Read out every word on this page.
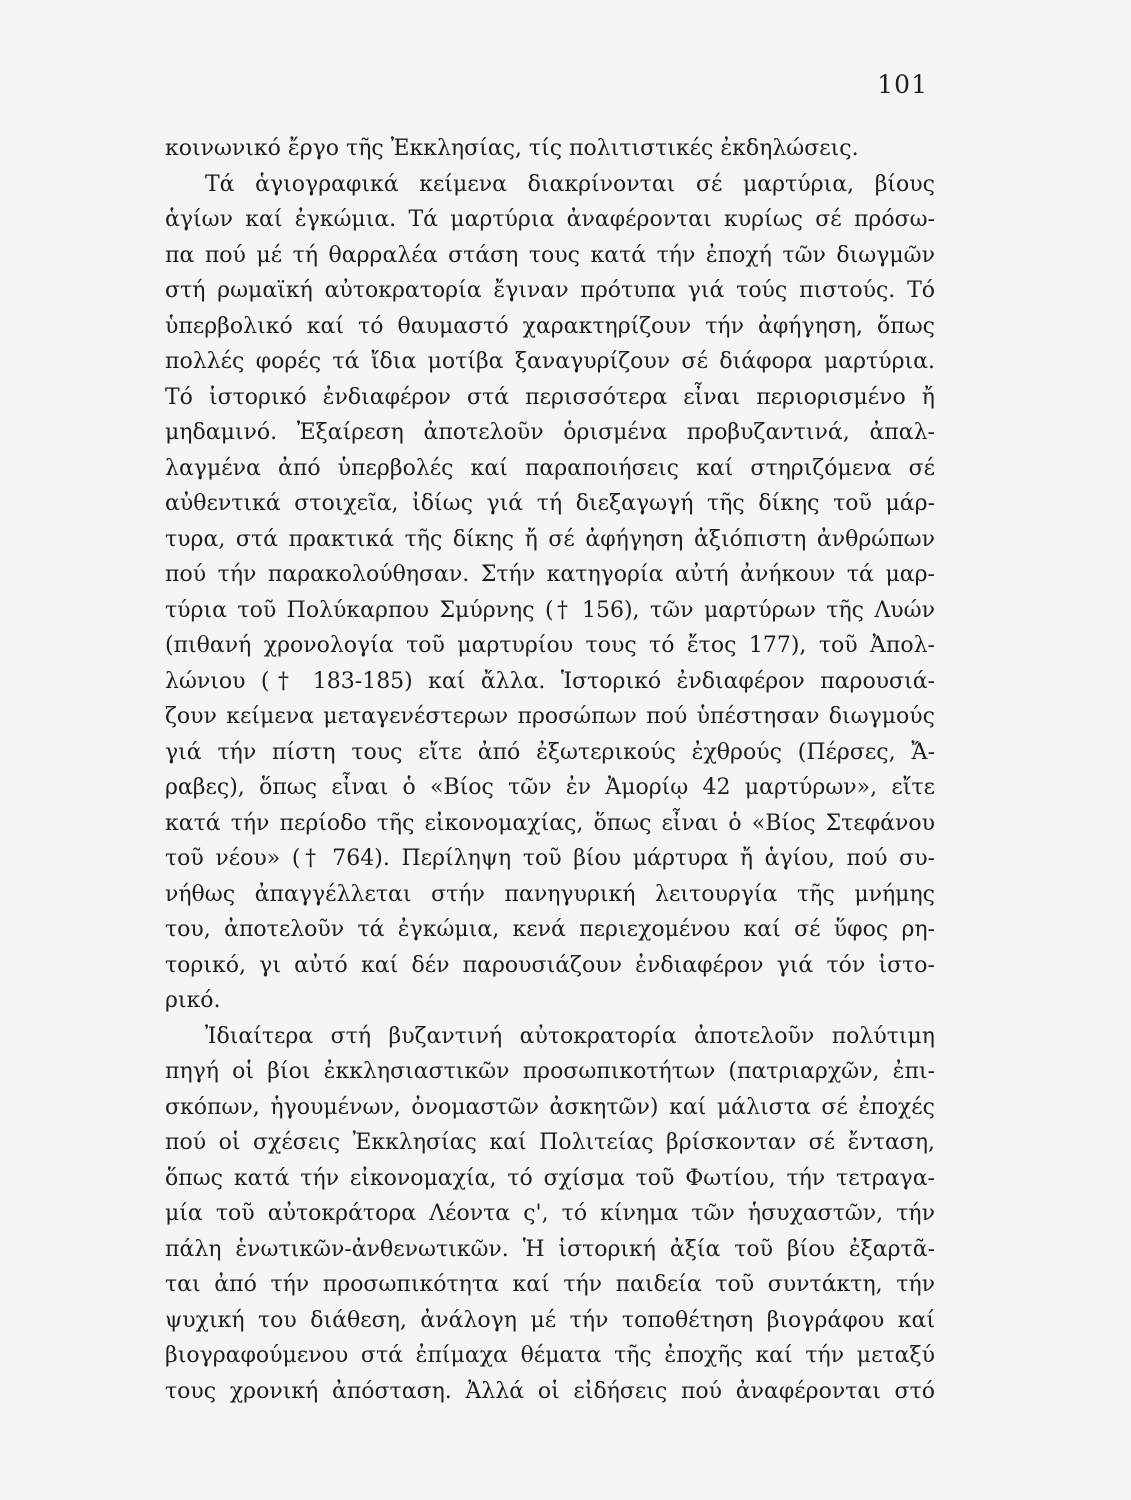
101
κοινωνικό ἔργο τῆς Ἐκκλησίας, τίς πολιτιστικές ἐκδηλώσεις.
Τά ἁγιογραφικά κείμενα διακρίνονται σέ μαρτύρια, βίους
ἁγίων καί ἐγκώμια. Τά μαρτύρια ἀναφέρονται κυρίως σέ πρόσω-
πα πού μέ τή θαρραλέα στάση τους κατά τήν ἐποχή τῶν διωγμῶν
στή ρωμαϊκή αὐτοκρατορία ἔγιναν πρότυπα γιά τούς πιστούς. Τό
ὑπερβολικό καί τό θαυμαστό χαρακτηρίζουν τήν ἀφήγηση, ὅπως
πολλές φορές τά ἴδια μοτίβα ξαναγυρίζουν σέ διάφορα μαρτύρια.
Τό ἱστορικό ἐνδιαφέρον στά περισσότερα εἶναι περιορισμένο ἤ
μηδαμινό. Ἐξαίρεση ἀποτελοῦν ὁρισμένα προβυζαντινά, ἀπαλ-
λαγμένα ἀπό ὑπερβολές καί παραποιήσεις καί στηριζόμενα σέ
αὐθεντικά στοιχεῖα, ἰδίως γιά τή διεξαγωγή τῆς δίκης τοῦ μάρ-
τυρα, στά πρακτικά τῆς δίκης ἤ σέ ἀφήγηση ἀξιόπιστη ἀνθρώπων
πού τήν παρακολούθησαν. Στήν κατηγορία αὐτή ἀνήκουν τά μαρ-
τύρια τοῦ Πολύκαρπου Σμύρνης († 156), τῶν μαρτύρων τῆς Λυών
(πιθανή χρονολογία τοῦ μαρτυρίου τους τό ἔτος 177), τοῦ Ἀπολ-
λώνιου († 183-185) καί ἄλλα. Ἱστορικό ἐνδιαφέρον παρουσιά-
ζουν κείμενα μεταγενέστερων προσώπων πού ὑπέστησαν διωγμούς
γιά τήν πίστη τους εἴτε ἀπό ἐξωτερικούς ἐχθρούς (Πέρσες, Ἄ-
ραβες), ὅπως εἶναι ὁ «Βίος τῶν ἐν Ἀμορίῳ 42 μαρτύρων», εἴτε
κατά τήν περίοδο τῆς εἰκονομαχίας, ὅπως εἶναι ὁ «Βίος Στεφάνου
τοῦ νέου» († 764). Περίληψη τοῦ βίου μάρτυρα ἤ ἁγίου, πού συ-
νήθως ἀπαγγέλλεται στήν πανηγυρική λειτουργία τῆς μνήμης
του, ἀποτελοῦν τά ἐγκώμια, κενά περιεχομένου καί σέ ὕφος ρη-
τορικό, γι αὐτό καί δέν παρουσιάζουν ἐνδιαφέρον γιά τόν ἱστο-
ρικό.
Ἰδιαίτερα στή βυζαντινή αὐτοκρατορία ἀποτελοῦν πολύτιμη
πηγή οἱ βίοι ἐκκλησιαστικῶν προσωπικοτήτων (πατριαρχῶν, ἐπι-
σκόπων, ἡγουμένων, ὀνομαστῶν ἀσκητῶν) καί μάλιστα σέ ἐποχές
πού οἱ σχέσεις Ἐκκλησίας καί Πολιτείας βρίσκονταν σέ ἔνταση,
ὅπως κατά τήν εἰκονομαχία, τό σχίσμα τοῦ Φωτίου, τήν τετραγα-
μία τοῦ αὐτοκράτορα Λέοντα ς', τό κίνημα τῶν ἡσυχαστῶν, τήν
πάλη ἑνωτικῶν-ἀνθενωτικῶν. Ἡ ἱστορική ἀξία τοῦ βίου ἐξαρτᾶ-
ται ἀπό τήν προσωπικότητα καί τήν παιδεία τοῦ συντάκτη, τήν
ψυχική του διάθεση, ἀνάλογη μέ τήν τοποθέτηση βιογράφου καί
βιογραφούμενου στά ἐπίμαχα θέματα τῆς ἐποχῆς καί τήν μεταξύ
τους χρονική ἀπόσταση. Ἀλλά οἱ εἰδήσεις πού ἀναφέρονται στό
